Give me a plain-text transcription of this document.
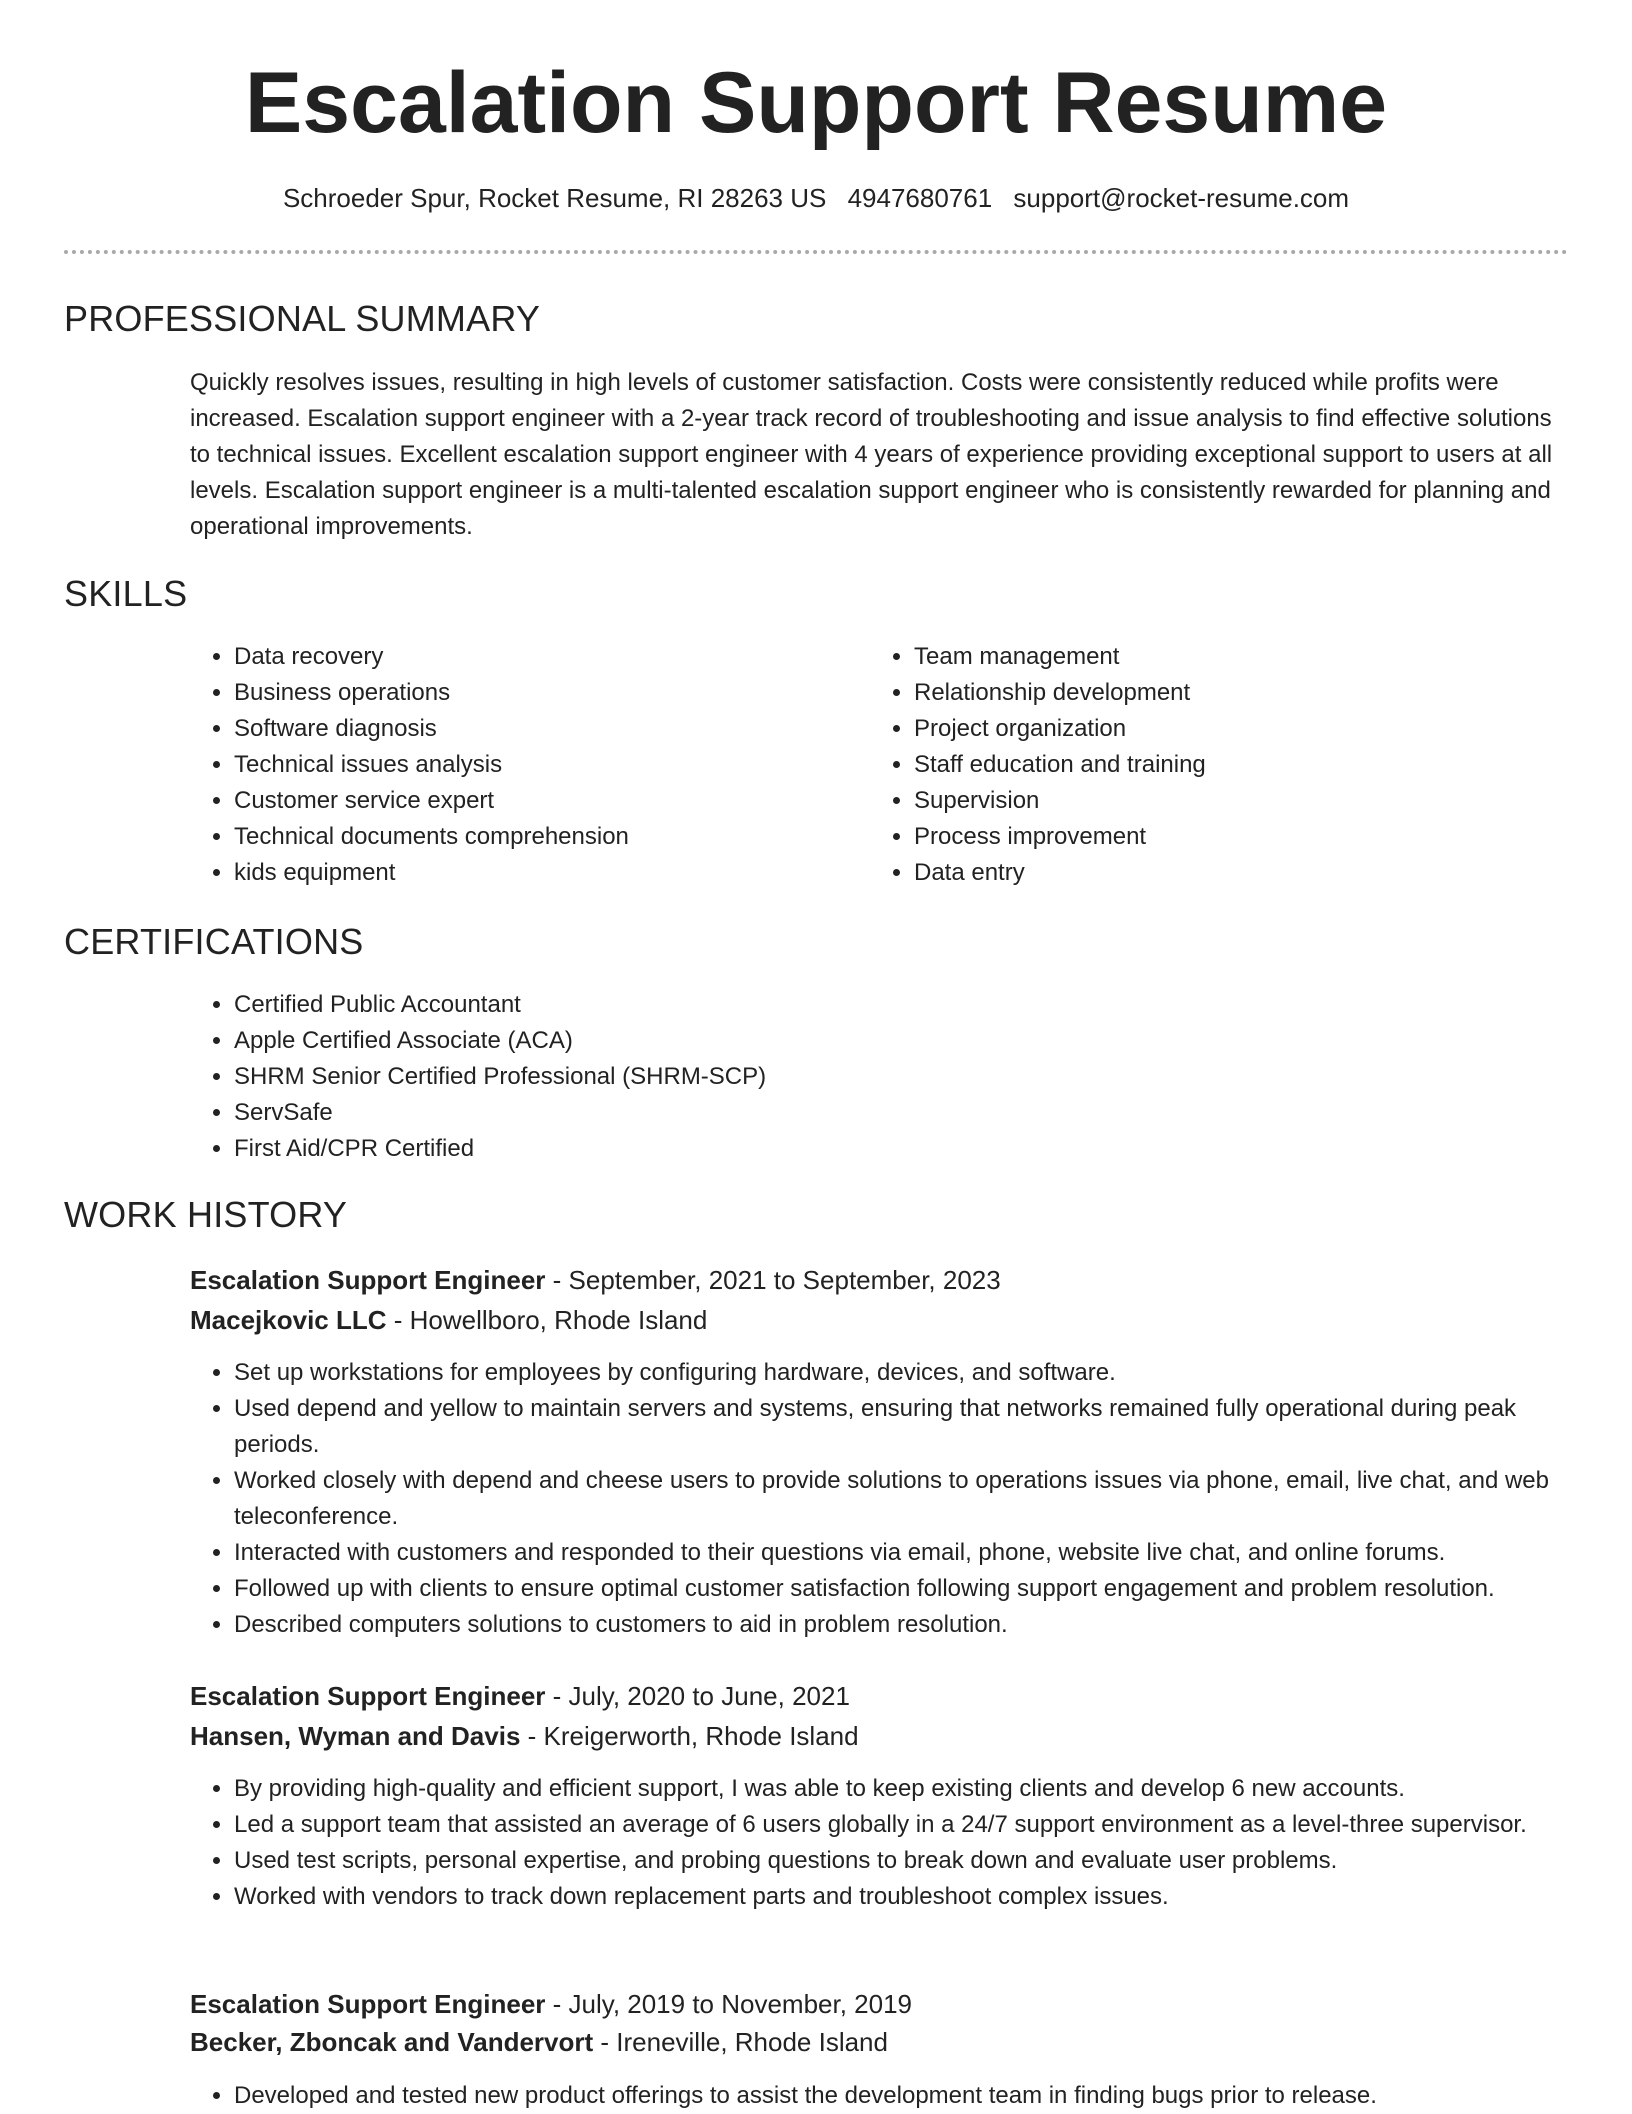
Escalation Support Resume
Schroeder Spur, Rocket Resume, RI 28263 US 4947680761 support@rocket-resume.com
PROFESSIONAL SUMMARY

Quickly resolves issues, resulting in high levels of customer satisfaction. Costs were consistently reduced while profits were increased. Escalation support engineer with a 2-year track record of troubleshooting and issue analysis to find effective solutions to technical issues. Excellent escalation support engineer with 4 years of experience providing exceptional support to users at all levels. Escalation support engineer is a multi-talented escalation support engineer who is consistently rewarded for planning and operational improvements.

SKILLS
• Data recovery
• Business operations
• Software diagnosis
• Technical issues analysis
• Customer service expert
• Technical documents comprehension
• kids equipment
• Team management
• Relationship development
• Project organization
• Staff education and training
• Supervision
• Process improvement
• Data entry
CERTIFICATIONS
• Certified Public Accountant
• Apple Certified Associate (ACA)
• SHRM Senior Certified Professional (SHRM-SCP)
• ServSafe
• First Aid/CPR Certified
WORK HISTORY
Escalation Support Engineer - September, 2021 to September, 2023
Macejkovic LLC - Howellboro, Rhode Island
• Set up workstations for employees by configuring hardware, devices, and software.
• Used depend and yellow to maintain servers and systems, ensuring that networks remained fully operational during peak periods.
• Worked closely with depend and cheese users to provide solutions to operations issues via phone, email, live chat, and web teleconference.
• Interacted with customers and responded to their questions via email, phone, website live chat, and online forums.
• Followed up with clients to ensure optimal customer satisfaction following support engagement and problem resolution.
• Described computers solutions to customers to aid in problem resolution.
Escalation Support Engineer - July, 2020 to June, 2021
Hansen, Wyman and Davis - Kreigerworth, Rhode Island
• By providing high-quality and efficient support, I was able to keep existing clients and develop 6 new accounts.
• Led a support team that assisted an average of 6 users globally in a 24/7 support environment as a level-three supervisor.
• Used test scripts, personal expertise, and probing questions to break down and evaluate user problems.
• Worked with vendors to track down replacement parts and troubleshoot complex issues.
Escalation Support Engineer - July, 2019 to November, 2019
Becker, Zboncak and Vandervort - Ireneville, Rhode Island
• Developed and tested new product offerings to assist the development team in finding bugs prior to release.
